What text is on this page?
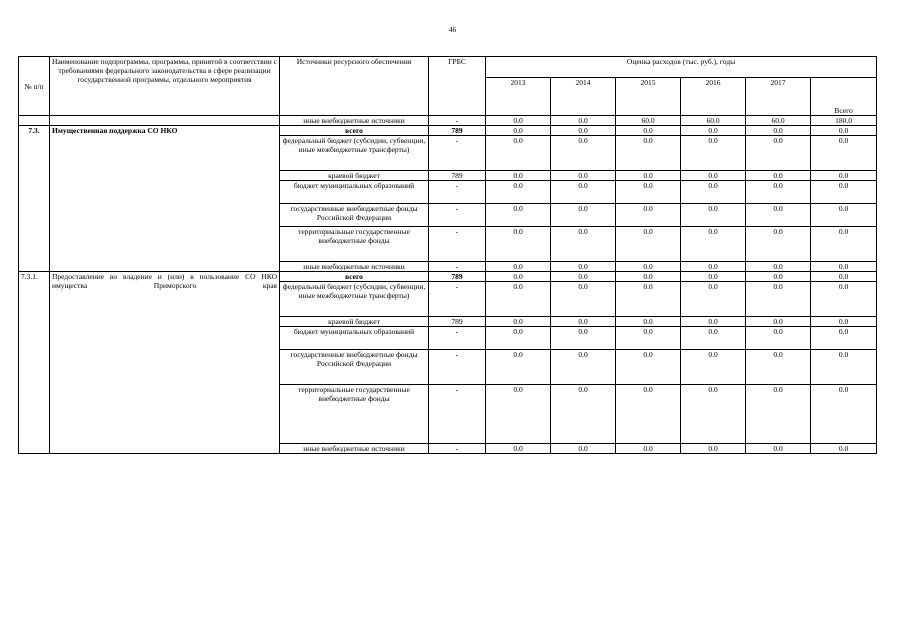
46
№ п/п	Наименование подпрограммы, программы, принятой в соответствии с требованиями федерального законодательства в сфере реализации государственной программы, отдельного мероприятия	Источники ресурсного обеспечения	ГРБС	Оценка расходов (тыс. руб.), годы					
				2013	2014	2015	2016	2017	Всего
		иные внебюджетные источники	-	0.0	0.0	60.0	60.0	60.0	180.0
7.3.	Имущественная поддержка СО НКО	всего	789	0.0	0.0	0.0	0.0	0.0	0.0
		федеральный бюджет (субсидии, субвенции, иные межбюджетные трансферты)	-	0.0	0.0	0.0	0.0	0.0	0.0
		краевой бюджет	789	0.0	0.0	0.0	0.0	0.0	0.0
		бюджет муниципальных образований	-	0.0	0.0	0.0	0.0	0.0	0.0
		государственные внебюджетные фонды Российской Федерации	-	0.0	0.0	0.0	0.0	0.0	0.0
		территориальные государственные внебюджетные фонды	-	0.0	0.0	0.0	0.0	0.0	0.0
		иные внебюджетные источники	-	0.0	0.0	0.0	0.0	0.0	0.0
7.3.1.	Предоставление во владение и (или) в пользование СО НКО имущества Приморского края	всего	789	0.0	0.0	0.0	0.0	0.0	0.0
		федеральный бюджет (субсидии, субвенции, иные межбюджетные трансферты)	-	0.0	0.0	0.0	0.0	0.0	0.0
		краевой бюджет	789	0.0	0.0	0.0	0.0	0.0	0.0
		бюджет муниципальных образований	-	0.0	0.0	0.0	0.0	0.0	0.0
		государственные внебюджетные фонды Российской Федерации	-	0.0	0.0	0.0	0.0	0.0	0.0
		территориальные государственные внебюджетные фонды	-	0.0	0.0	0.0	0.0	0.0	0.0
		иные внебюджетные источники	-	0.0	0.0	0.0	0.0	0.0	0.0
